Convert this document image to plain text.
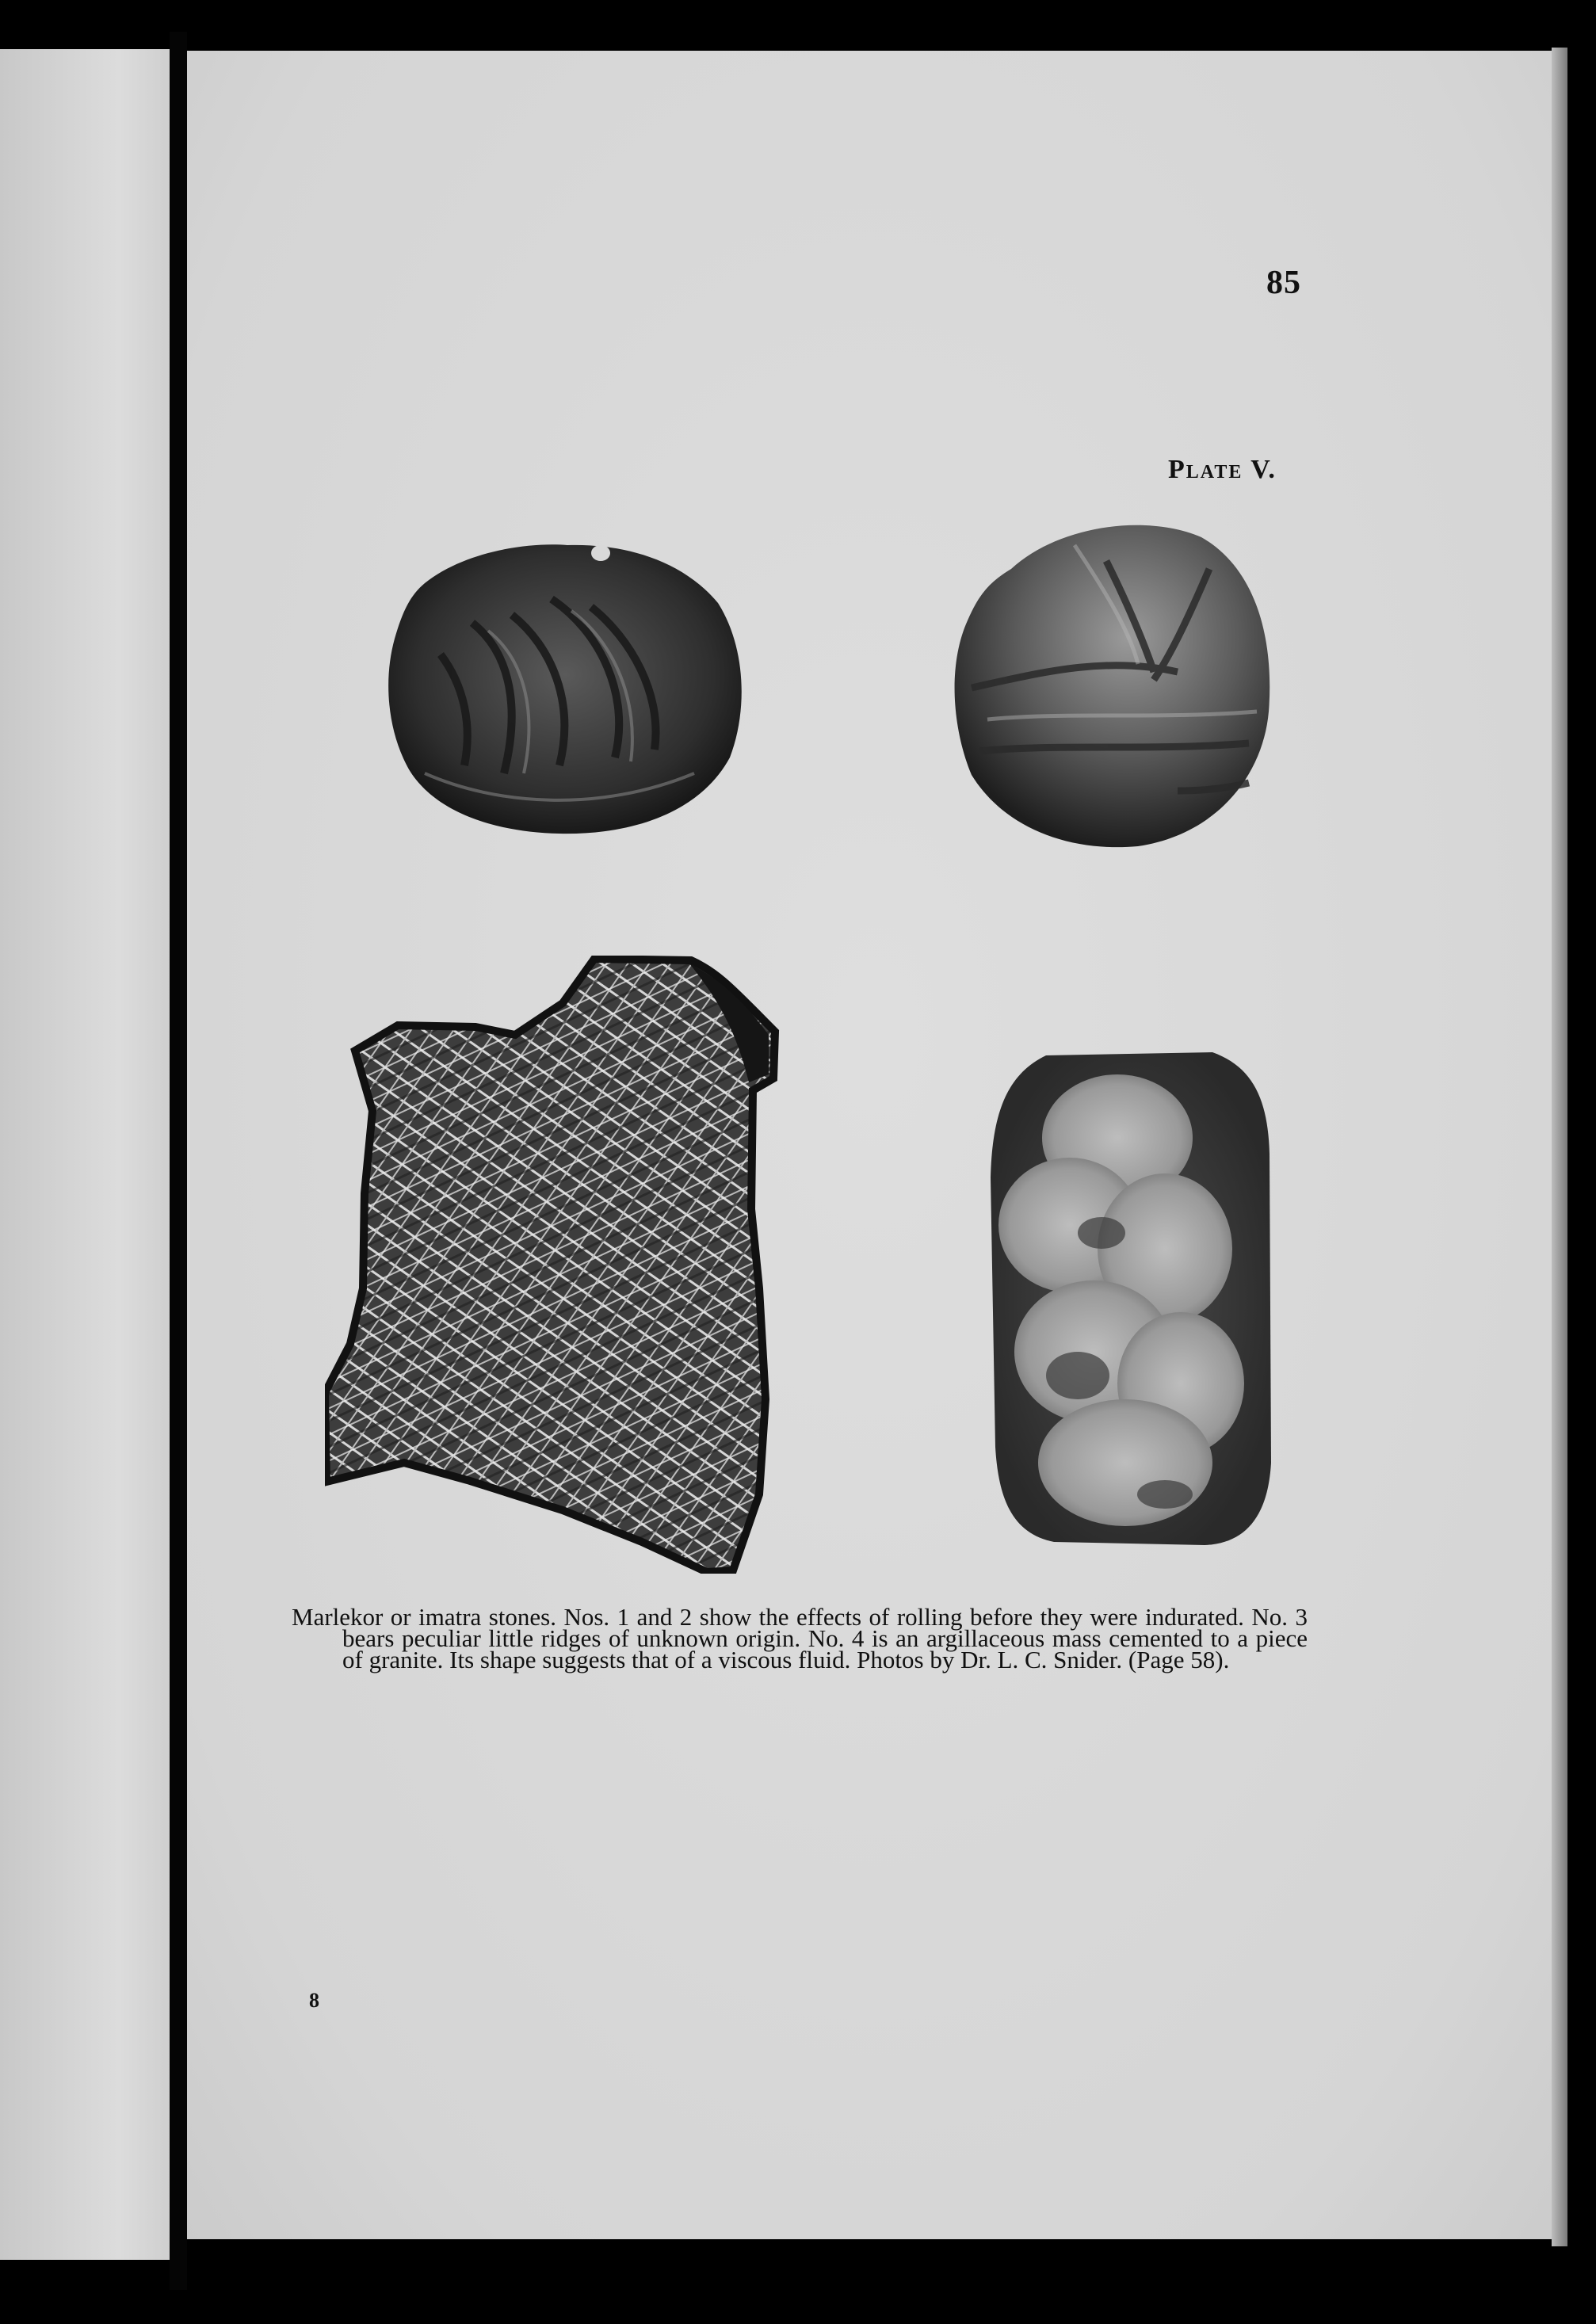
85
Plate V.

Marlekor or imatra stones. Nos. 1 and 2 show the effects of rolling before they were indurated. No. 3 bears peculiar little ridges of unknown origin. No. 4 is an argillaceous mass cemented to a piece of granite. Its shape suggests that of a viscous fluid. Photos by Dr. L. C. Snider. (Page 58).

8
